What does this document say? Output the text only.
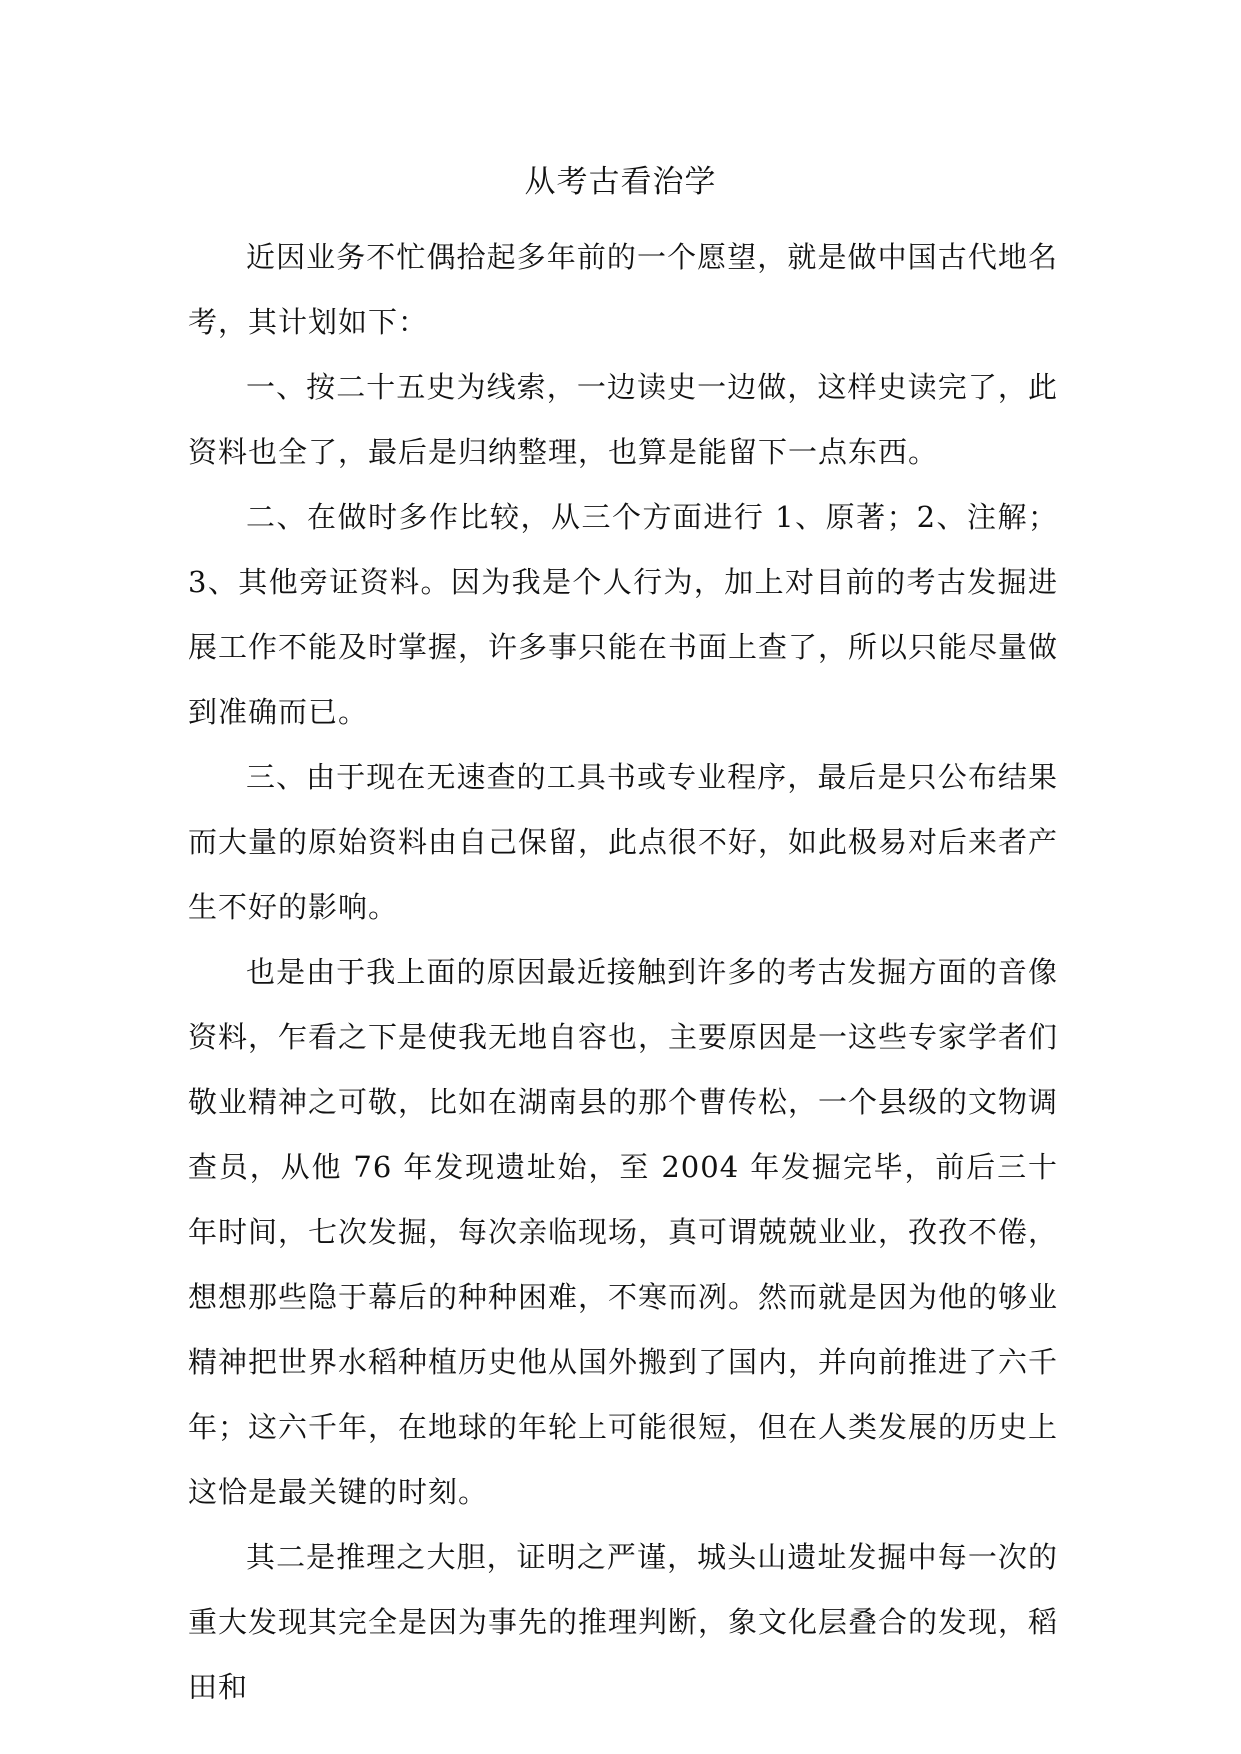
从考古看治学

近因业务不忙偶拾起多年前的一个愿望，就是做中国古代地名考，其计划如下：

一、按二十五史为线索，一边读史一边做，这样史读完了，此资料也全了，最后是归纳整理，也算是能留下一点东西。

二、在做时多作比较，从三个方面进行 1、原著；2、注解；3、其他旁证资料。因为我是个人行为，加上对目前的考古发掘进展工作不能及时掌握，许多事只能在书面上查了，所以只能尽量做到准确而已。

三、由于现在无速查的工具书或专业程序，最后是只公布结果而大量的原始资料由自己保留，此点很不好，如此极易对后来者产生不好的影响。

也是由于我上面的原因最近接触到许多的考古发掘方面的音像资料，乍看之下是使我无地自容也，主要原因是一这些专家学者们敬业精神之可敬，比如在湖南县的那个曹传松，一个县级的文物调查员，从他 76 年发现遗址始，至 2004 年发掘完毕，前后三十年时间，七次发掘，每次亲临现场，真可谓兢兢业业，孜孜不倦，想想那些隐于幕后的种种困难，不寒而冽。然而就是因为他的够业精神把世界水稻种植历史他从国外搬到了国内，并向前推进了六千年；这六千年，在地球的年轮上可能很短，但在人类发展的历史上这恰是最关键的时刻。

其二是推理之大胆，证明之严谨，城头山遗址发掘中每一次的重大发现其完全是因为事先的推理判断，象文化层叠合的发现，稻田和
